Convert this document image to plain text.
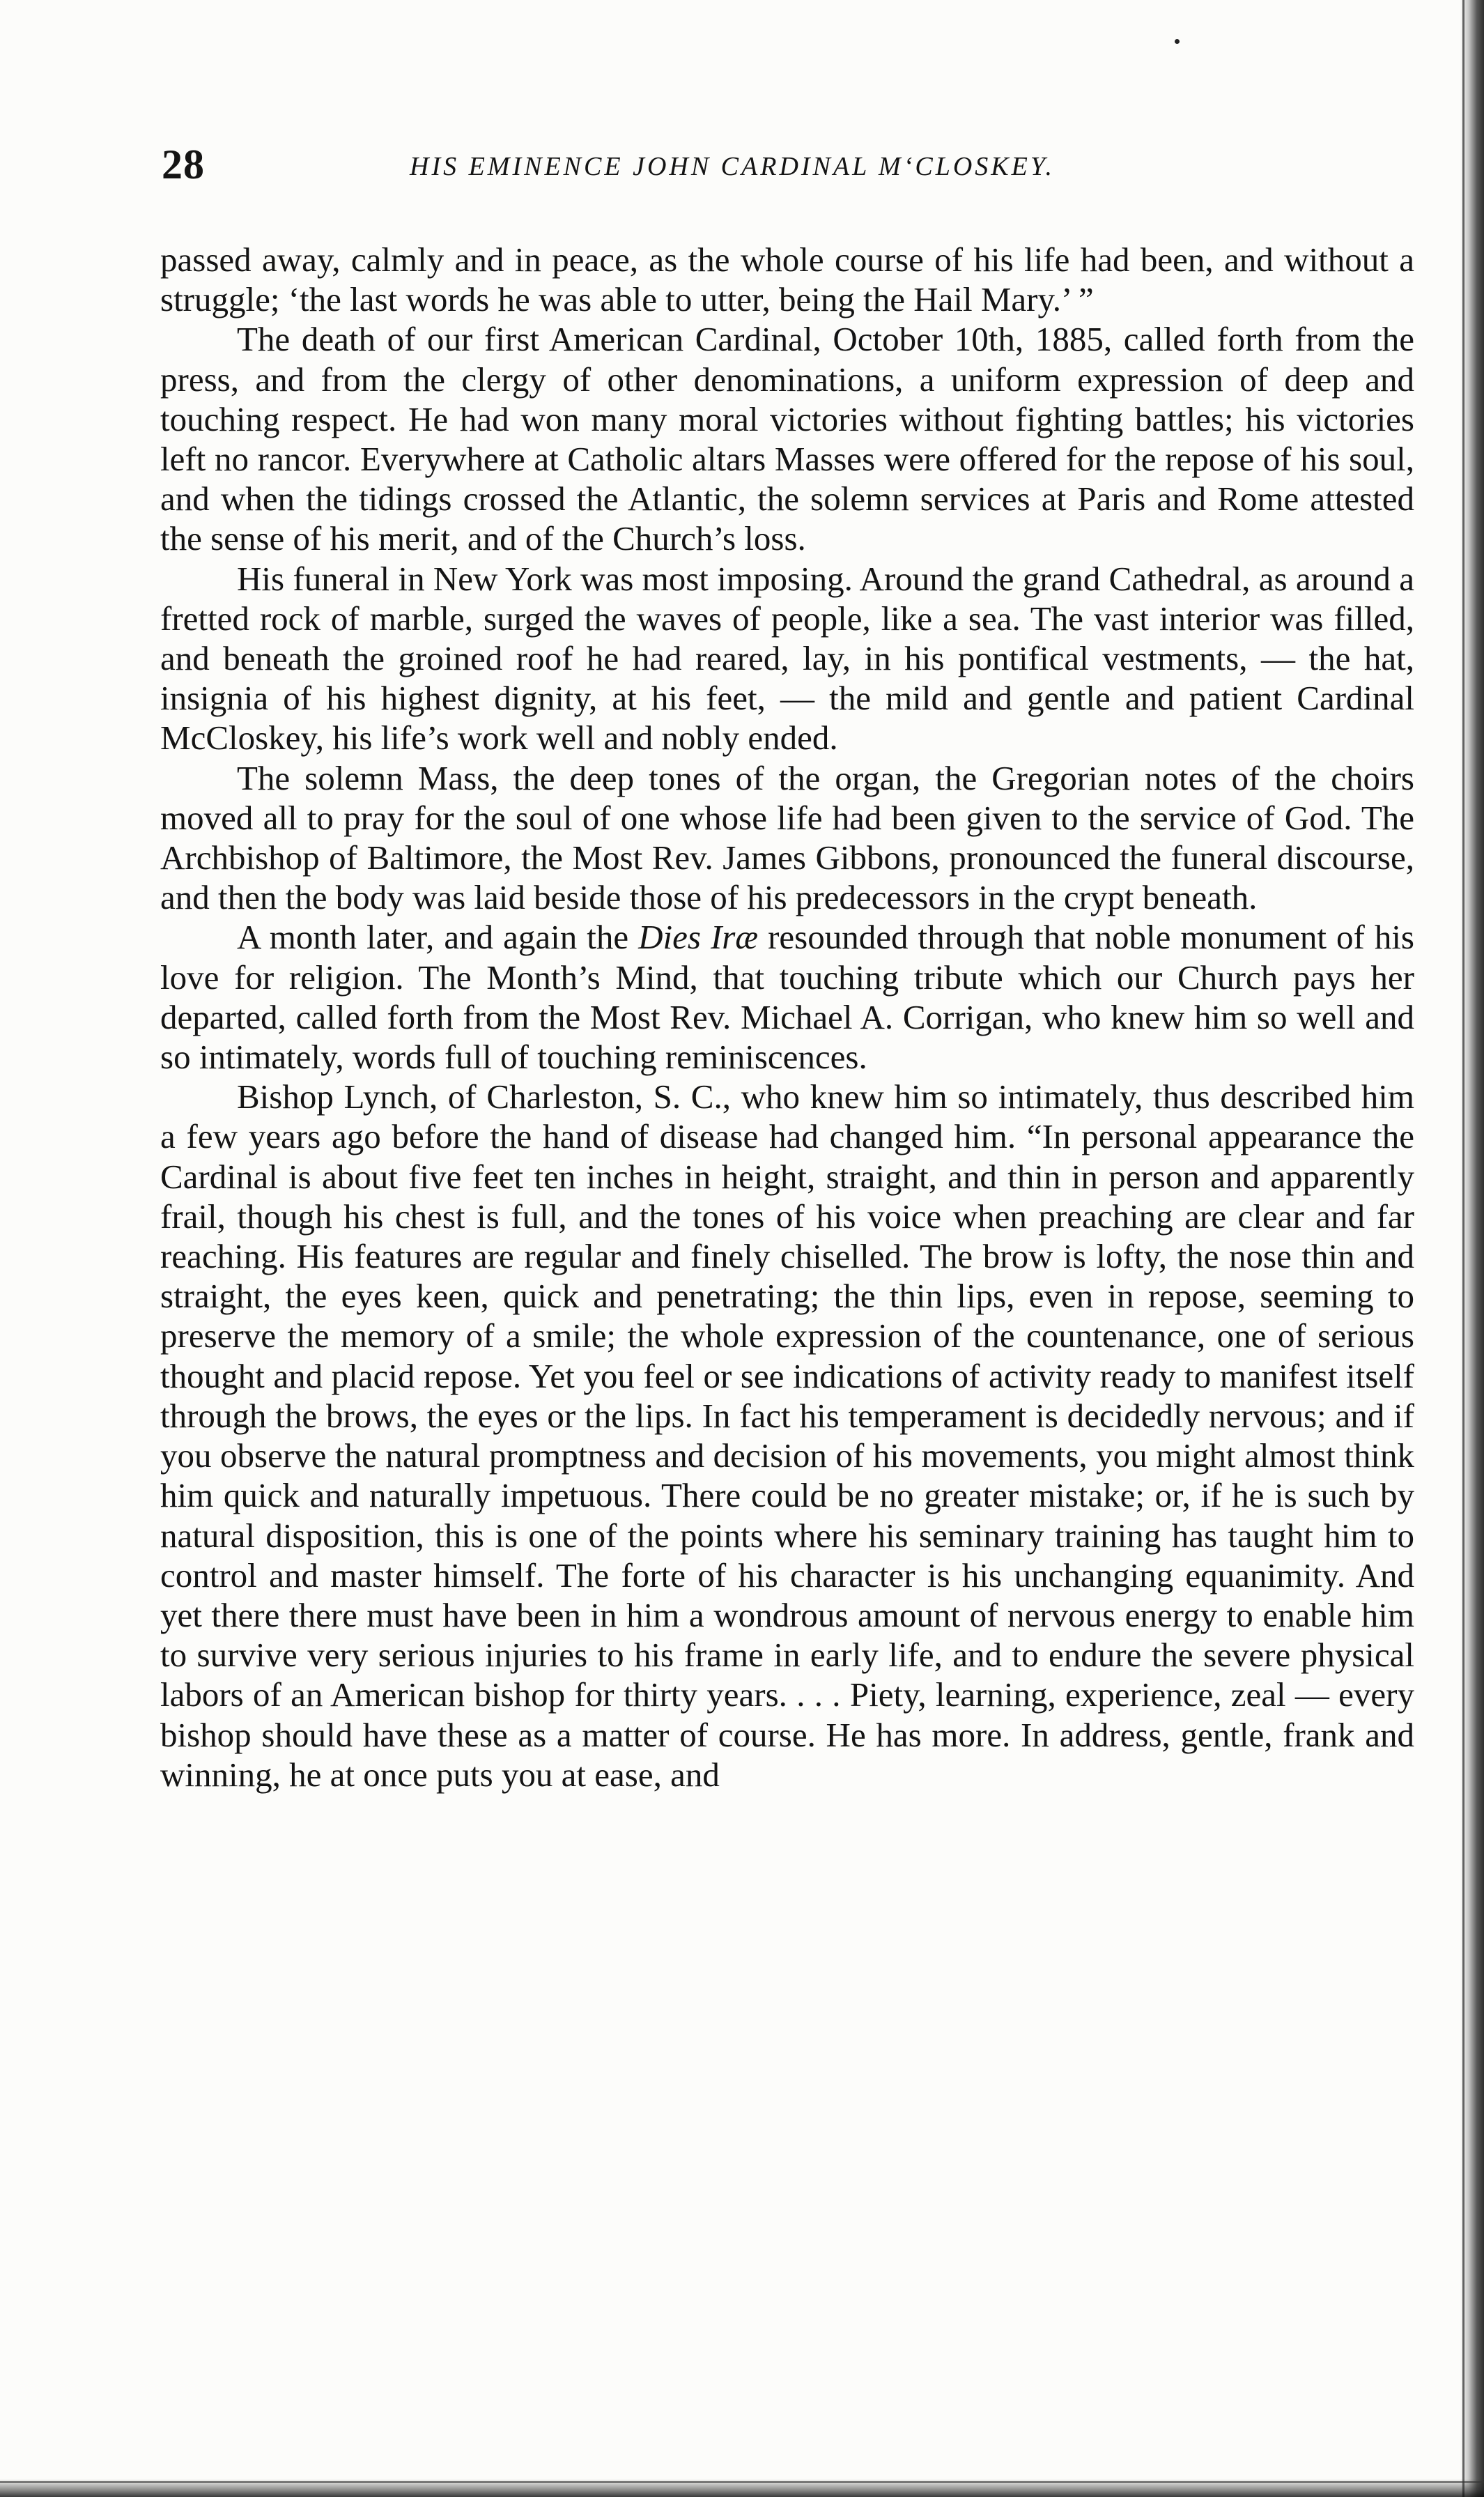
28	HIS EMINENCE JOHN CARDINAL M‘CLOSKEY.

passed away, calmly and in peace, as the whole course of his life had been, and without a struggle; ‘the last words he was able to utter, being the Hail Mary.’ ”

The death of our first American Cardinal, October 10th, 1885, called forth from the press, and from the clergy of other denominations, a uniform expression of deep and touching respect. He had won many moral victories without fighting battles; his victories left no rancor. Everywhere at Catholic altars Masses were offered for the repose of his soul, and when the tidings crossed the Atlantic, the solemn services at Paris and Rome attested the sense of his merit, and of the Church’s loss.

His funeral in New York was most imposing. Around the grand Cathedral, as around a fretted rock of marble, surged the waves of people, like a sea. The vast interior was filled, and beneath the groined roof he had reared, lay, in his pontifical vestments, — the hat, insignia of his highest dignity, at his feet, — the mild and gentle and patient Cardinal McCloskey, his life’s work well and nobly ended.

The solemn Mass, the deep tones of the organ, the Gregorian notes of the choirs moved all to pray for the soul of one whose life had been given to the service of God. The Archbishop of Baltimore, the Most Rev. James Gibbons, pronounced the funeral discourse, and then the body was laid beside those of his predecessors in the crypt beneath.

A month later, and again the Dies Iræ resounded through that noble monument of his love for religion. The Month’s Mind, that touching tribute which our Church pays her departed, called forth from the Most Rev. Michael A. Corrigan, who knew him so well and so intimately, words full of touching reminiscences.

Bishop Lynch, of Charleston, S. C., who knew him so intimately, thus described him a few years ago before the hand of disease had changed him. “In personal appearance the Cardinal is about five feet ten inches in height, straight, and thin in person and apparently frail, though his chest is full, and the tones of his voice when preaching are clear and far reaching. His features are regular and finely chiselled. The brow is lofty, the nose thin and straight, the eyes keen, quick and penetrating; the thin lips, even in repose, seeming to preserve the memory of a smile; the whole expression of the countenance, one of serious thought and placid repose. Yet you feel or see indications of activity ready to manifest itself through the brows, the eyes or the lips. In fact his temperament is decidedly nervous; and if you observe the natural promptness and decision of his movements, you might almost think him quick and naturally impetuous. There could be no greater mistake; or, if he is such by natural disposition, this is one of the points where his seminary training has taught him to control and master himself. The forte of his character is his unchanging equanimity. And yet there there must have been in him a wondrous amount of nervous energy to enable him to survive very serious injuries to his frame in early life, and to endure the severe physical labors of an American bishop for thirty years. . . . Piety, learning, experience, zeal — every bishop should have these as a matter of course. He has more. In address, gentle, frank and winning, he at once puts you at ease, and
